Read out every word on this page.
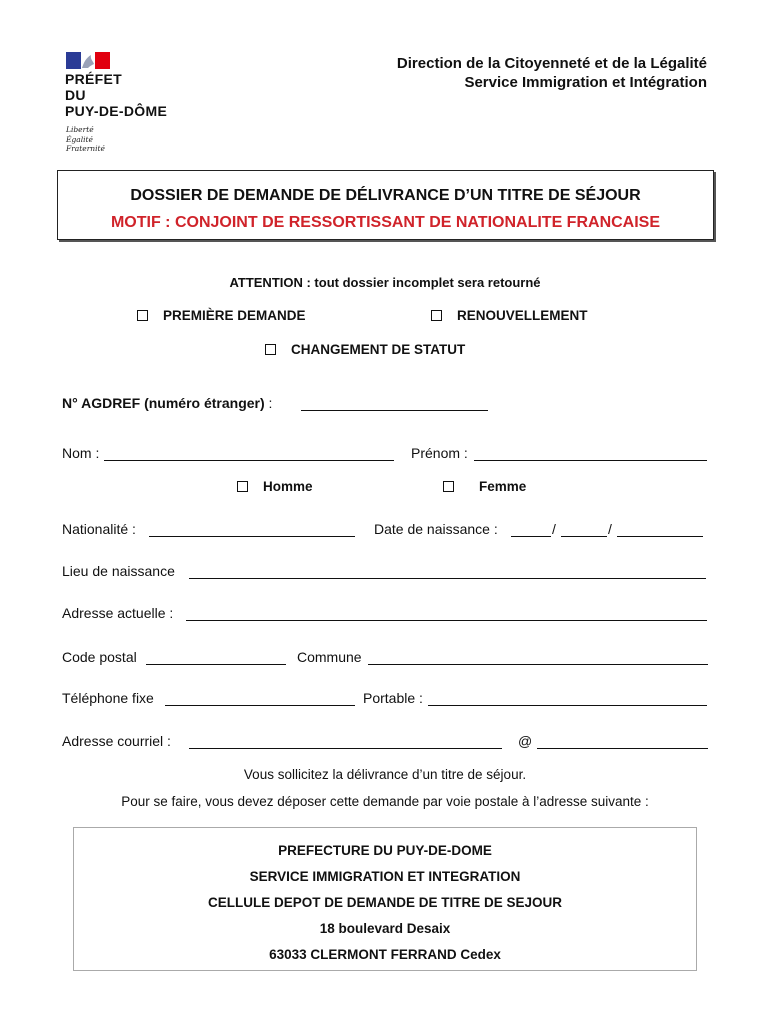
PRÉFET
DU
PUY-DE-DÔME
Liberté
Égalité
Fraternité
Direction de la Citoyenneté et de la Légalité
Service Immigration et Intégration
DOSSIER DE DEMANDE DE DÉLIVRANCE D’UN TITRE DE SÉJOUR
MOTIF : CONJOINT DE RESSORTISSANT DE NATIONALITE FRANCAISE
ATTENTION : tout dossier incomplet sera retourné
PREMIÈRE DEMANDE	RENOUVELLEMENT
CHANGEMENT DE STATUT
N° AGDREF (numéro étranger) :
Nom :	Prénom :
Homme	Femme
Nationalité :	Date de naissance :	/	/
Lieu de naissance
Adresse actuelle :
Code postal	Commune
Téléphone fixe	Portable :
Adresse courriel :	@
Vous sollicitez la délivrance d’un titre de séjour.
Pour se faire, vous devez déposer cette demande par voie postale à l’adresse suivante :
PREFECTURE DU PUY-DE-DOME
SERVICE IMMIGRATION ET INTEGRATION
CELLULE DEPOT DE DEMANDE DE TITRE DE SEJOUR
18 boulevard Desaix
63033 CLERMONT FERRAND Cedex
